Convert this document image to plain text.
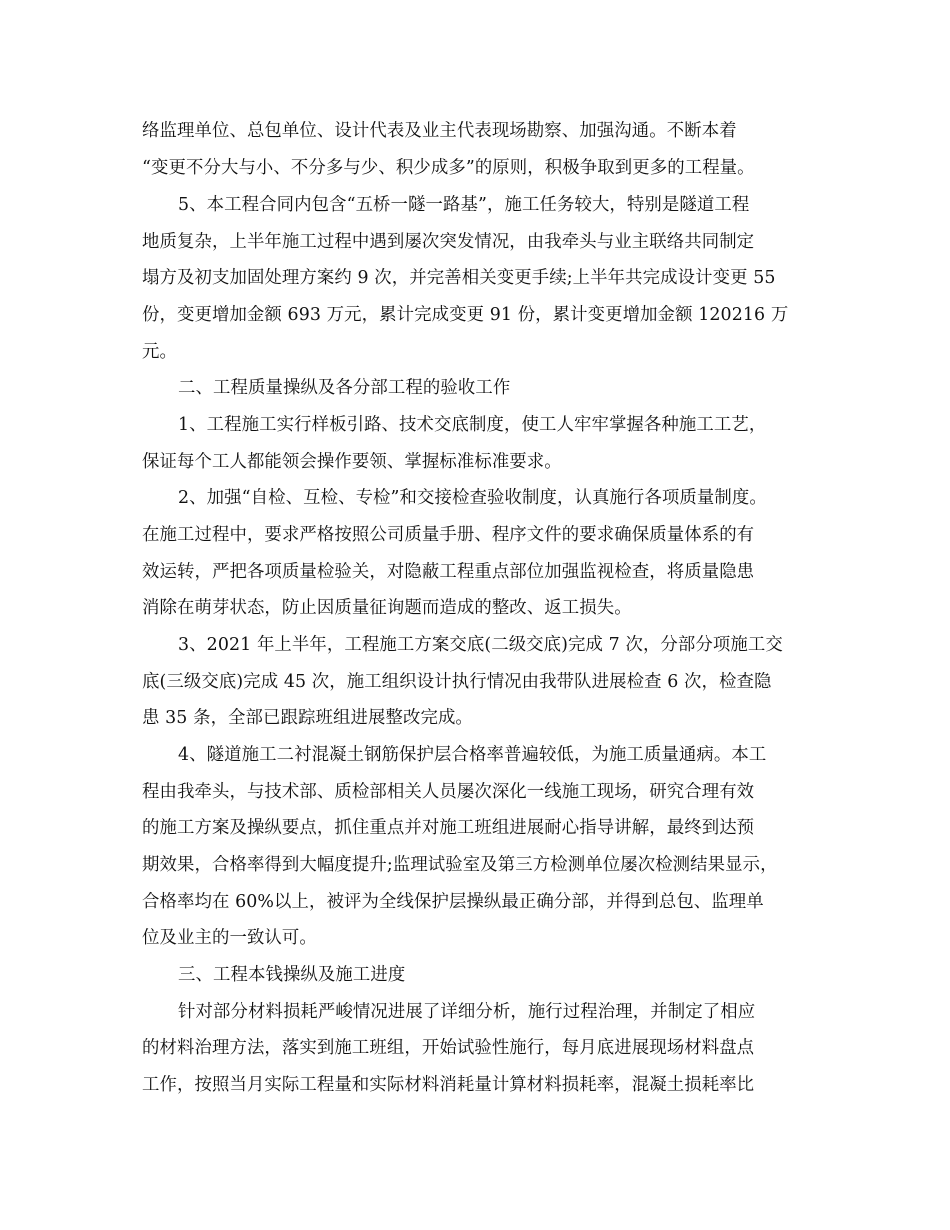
络监理单位、总包单位、设计代表及业主代表现场勘察、加强沟通。不断本着
“变更不分大与小、不分多与少、积少成多”的原则，积极争取到更多的工程量。
5、本工程合同内包含“五桥一隧一路基”，施工任务较大，特别是隧道工程
地质复杂，上半年施工过程中遇到屡次突发情况，由我牵头与业主联络共同制定
塌方及初支加固处理方案约 9 次，并完善相关变更手续;上半年共完成设计变更 55
份，变更增加金额 693 万元，累计完成变更 91 份，累计变更增加金额 120216 万
元。
二、工程质量操纵及各分部工程的验收工作
1、工程施工实行样板引路、技术交底制度，使工人牢牢掌握各种施工工艺，
保证每个工人都能领会操作要领、掌握标准标准要求。
2、加强“自检、互检、专检”和交接检查验收制度，认真施行各项质量制度。
在施工过程中，要求严格按照公司质量手册、程序文件的要求确保质量体系的有
效运转，严把各项质量检验关，对隐蔽工程重点部位加强监视检查，将质量隐患
消除在萌芽状态，防止因质量征询题而造成的整改、返工损失。
3、2021 年上半年，工程施工方案交底(二级交底)完成 7 次，分部分项施工交
底(三级交底)完成 45 次，施工组织设计执行情况由我带队进展检查 6 次，检查隐
患 35 条，全部已跟踪班组进展整改完成。
4、隧道施工二衬混凝土钢筋保护层合格率普遍较低，为施工质量通病。本工
程由我牵头，与技术部、质检部相关人员屡次深化一线施工现场，研究合理有效
的施工方案及操纵要点，抓住重点并对施工班组进展耐心指导讲解，最终到达预
期效果，合格率得到大幅度提升;监理试验室及第三方检测单位屡次检测结果显示，
合格率均在 60%以上，被评为全线保护层操纵最正确分部，并得到总包、监理单
位及业主的一致认可。
三、工程本钱操纵及施工进度
针对部分材料损耗严峻情况进展了详细分析，施行过程治理，并制定了相应
的材料治理方法，落实到施工班组，开始试验性施行，每月底进展现场材料盘点
工作，按照当月实际工程量和实际材料消耗量计算材料损耗率，混凝土损耗率比
